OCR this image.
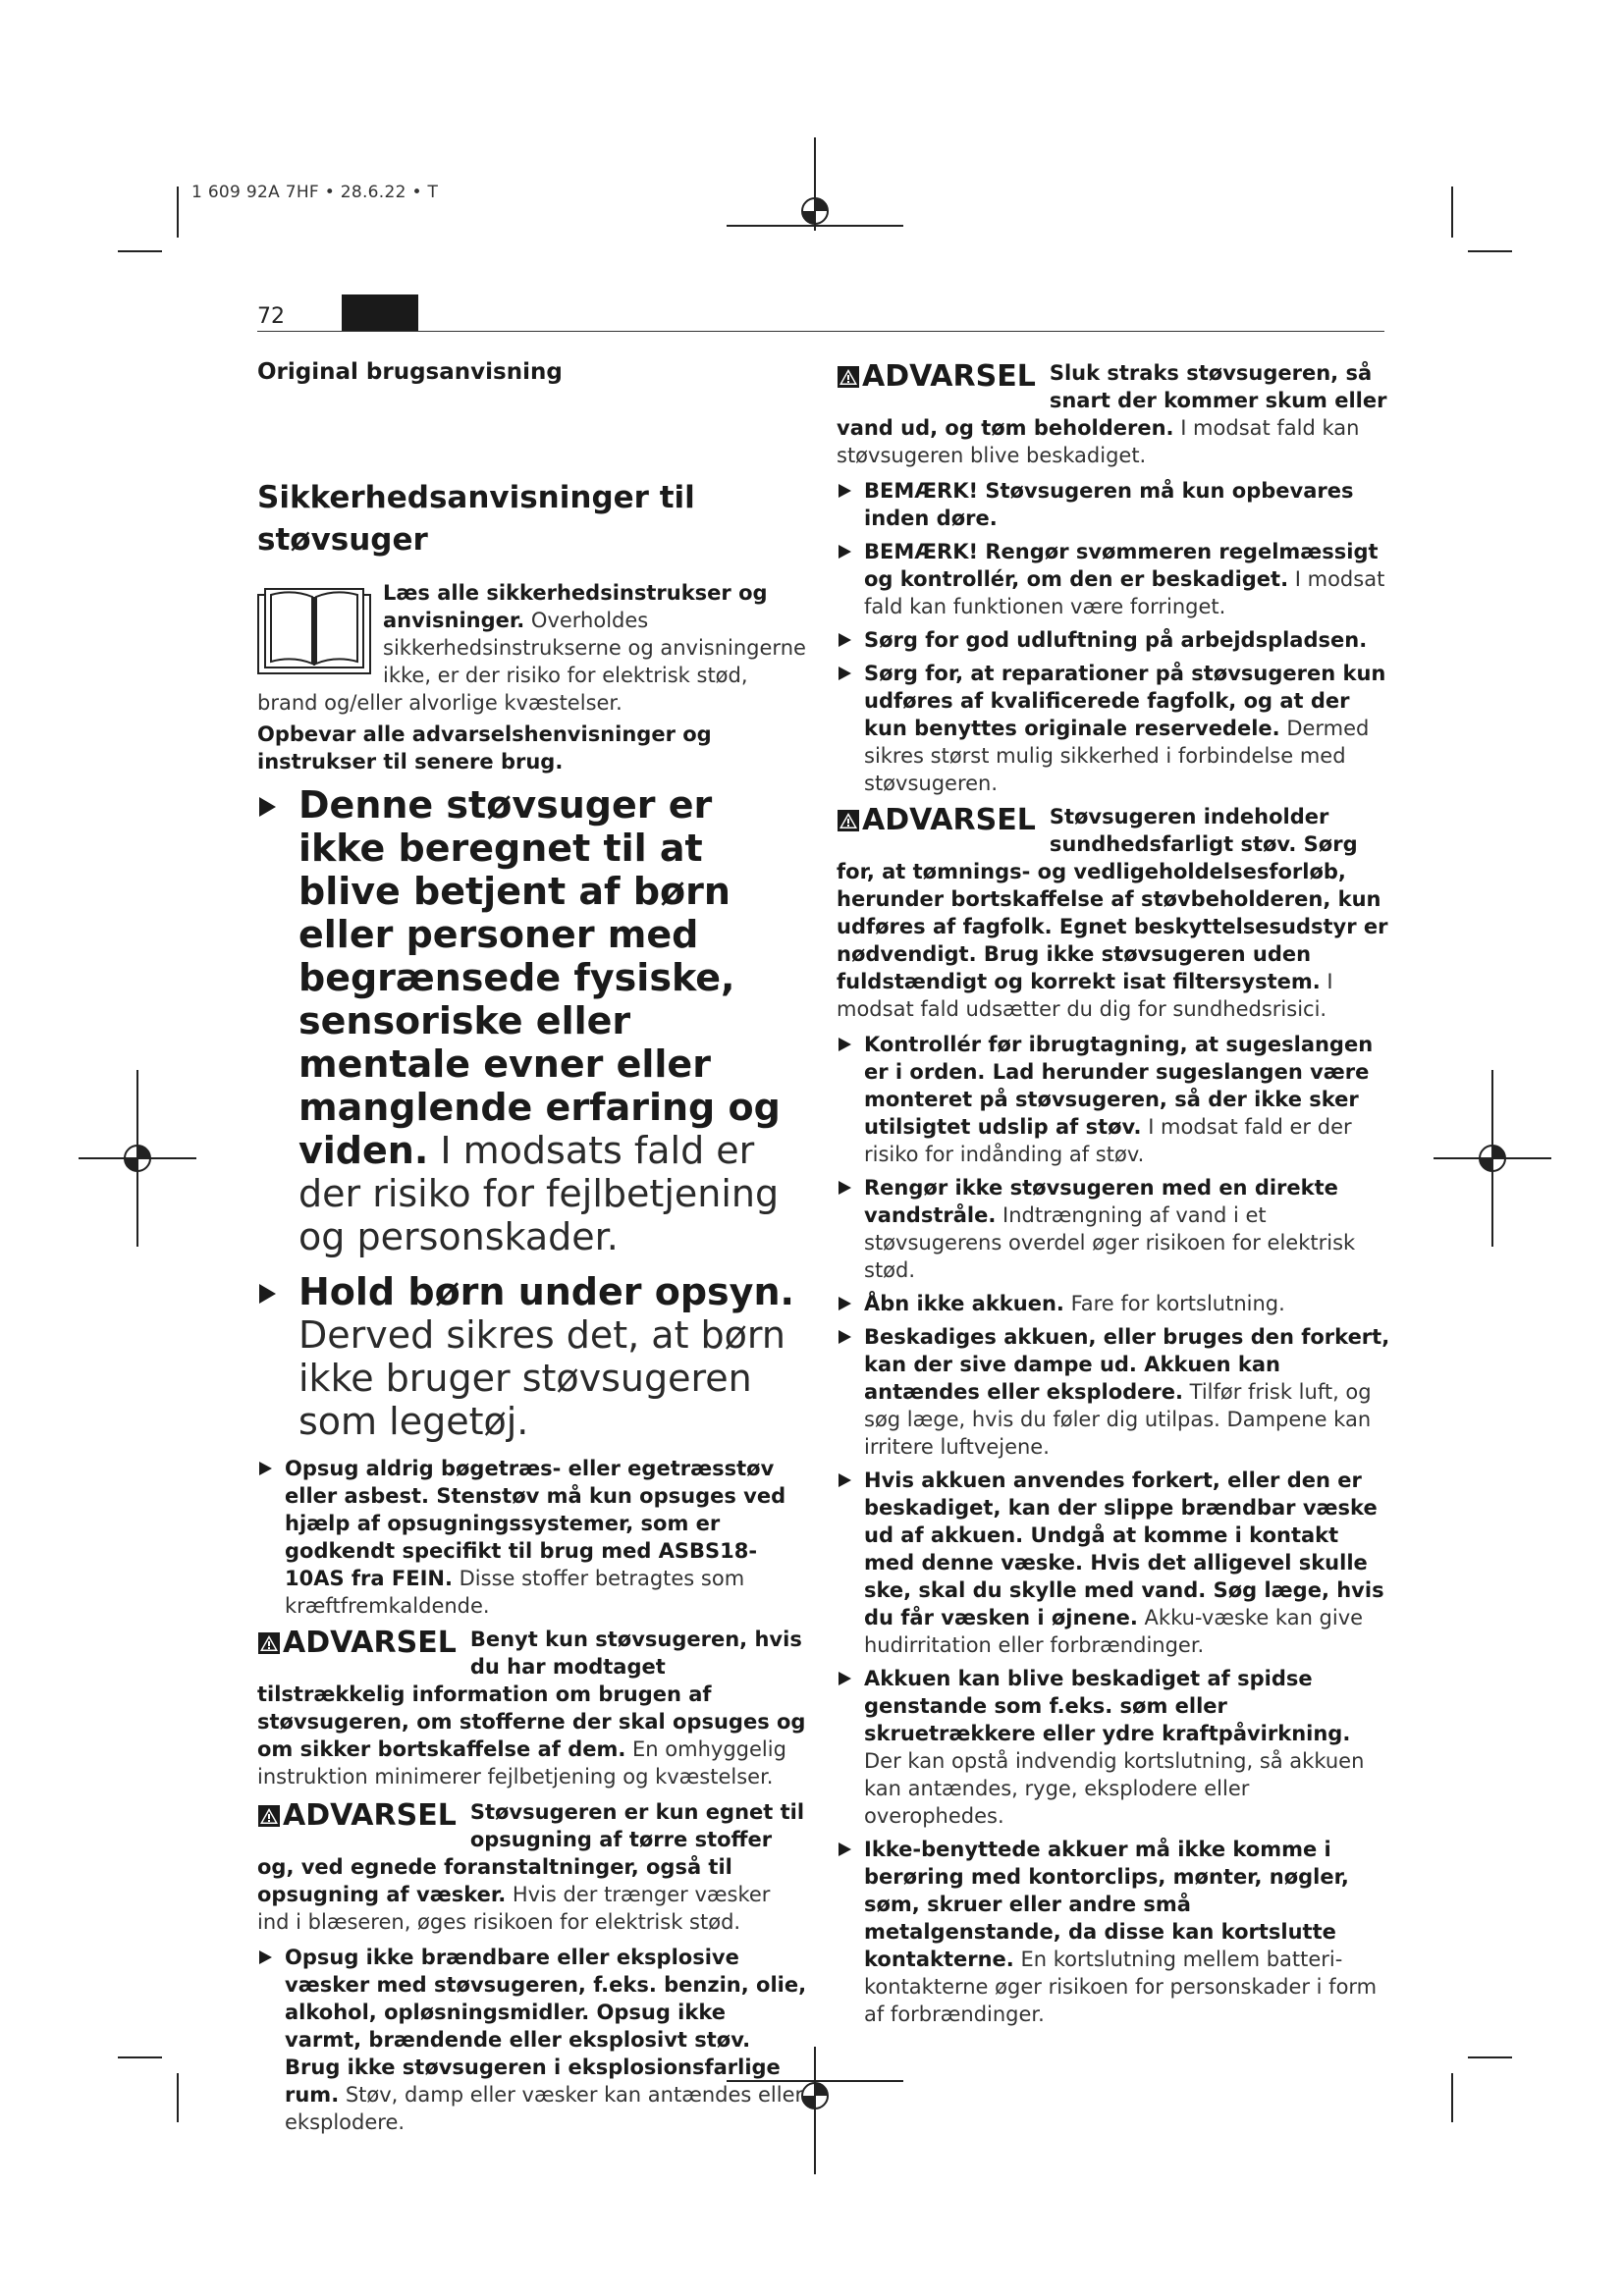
1 609 92A 7HF • 28.6.22 • T
72
Original brugsanvisning
Sikkerhedsanvisninger til støvsuger

Læs alle sikkerhedsinstrukser og anvisninger. Overholdes sikkerhedsinstrukserne og anvisningerne ikke, er der risiko for elektrisk stød, brand og/eller alvorlige kvæstelser.

Opbevar alle advarselshenvisninger og instrukser til senere brug.

Denne støvsuger er ikke beregnet til at blive betjent af børn eller personer med begrænsede fysiske, sensoriske eller mentale evner eller manglende erfaring og viden. I modsats fald er der risiko for fejlbetjening og personskader.
Hold børn under opsyn. Derved sikres det, at børn ikke bruger støvsugeren som legetøj.
Opsug aldrig bøgetræs- eller egetræsstøv eller asbest. Stenstøv må kun opsuges ved hjælp af opsugningssystemer, som er godkendt specifikt til brug med ASBS18-10AS fra FEIN. Disse stoffer betragtes som kræftfremkaldende.
ADVARSEL Benyt kun støvsugeren, hvis du har modtaget tilstrækkelig information om brugen af støvsugeren, om stofferne der skal opsuges og om sikker bortskaffelse af dem. En omhyggelig instruktion minimerer fejlbetjening og kvæstelser.
ADVARSEL Støvsugeren er kun egnet til opsugning af tørre stoffer og, ved egnede foranstaltninger, også til opsugning af væsker. Hvis der trænger væsker ind i blæseren, øges risikoen for elektrisk stød.
Opsug ikke brændbare eller eksplosive væsker med støvsugeren, f.eks. benzin, olie, alkohol, opløsningsmidler. Opsug ikke varmt, brændende eller eksplosivt støv. Brug ikke støvsugeren i eksplosionsfarlige rum. Støv, damp eller væsker kan antændes eller eksplodere.
ADVARSEL Sluk straks støvsugeren, så snart der kommer skum eller vand ud, og tøm beholderen. I modsat fald kan støvsugeren blive beskadiget.
BEMÆRK! Støvsugeren må kun opbevares inden døre.
BEMÆRK! Rengør svømmeren regelmæssigt og kontrollér, om den er beskadiget. I modsat fald kan funktionen være forringet.
Sørg for god udluftning på arbejdspladsen.
Sørg for, at reparationer på støvsugeren kun udføres af kvalificerede fagfolk, og at der kun benyttes originale reservedele. Dermed sikres størst mulig sikkerhed i forbindelse med støvsugeren.
ADVARSEL Støvsugeren indeholder sundhedsfarligt støv. Sørg for, at tømnings- og vedligeholdelsesforløb, herunder bortskaffelse af støvbeholderen, kun udføres af fagfolk. Egnet beskyttelsesudstyr er nødvendigt. Brug ikke støvsugeren uden fuldstændigt og korrekt isat filtersystem. I modsat fald udsætter du dig for sundhedsrisici.
Kontrollér før ibrugtagning, at sugeslangen er i orden. Lad herunder sugeslangen være monteret på støvsugeren, så der ikke sker utilsigtet udslip af støv. I modsat fald er der risiko for indånding af støv.
Rengør ikke støvsugeren med en direkte vandstråle. Indtrængning af vand i et støvsugerens overdel øger risikoen for elektrisk stød.
Åbn ikke akkuen. Fare for kortslutning.
Beskadiges akkuen, eller bruges den forkert, kan der sive dampe ud. Akkuen kan antændes eller eksplodere. Tilfør frisk luft, og søg læge, hvis du føler dig utilpas. Dampene kan irritere luftvejene.
Hvis akkuen anvendes forkert, eller den er beskadiget, kan der slippe brændbar væske ud af akkuen. Undgå at komme i kontakt med denne væske. Hvis det alligevel skulle ske, skal du skylle med vand. Søg læge, hvis du får væsken i øjnene. Akku-væske kan give hudirritation eller forbrændinger.
Akkuen kan blive beskadiget af spidse genstande som f.eks. søm eller skruetrækkere eller ydre kraftpåvirkning. Der kan opstå indvendig kortslutning, så akkuen kan antændes, ryge, eksplodere eller overophedes.
Ikke-benyttede akkuer må ikke komme i berøring med kontorclips, mønter, nøgler, søm, skruer eller andre små metalgenstande, da disse kan kortslutte kontakterne. En kortslutning mellem batteri-kontakterne øger risikoen for personskader i form af forbrændinger.
